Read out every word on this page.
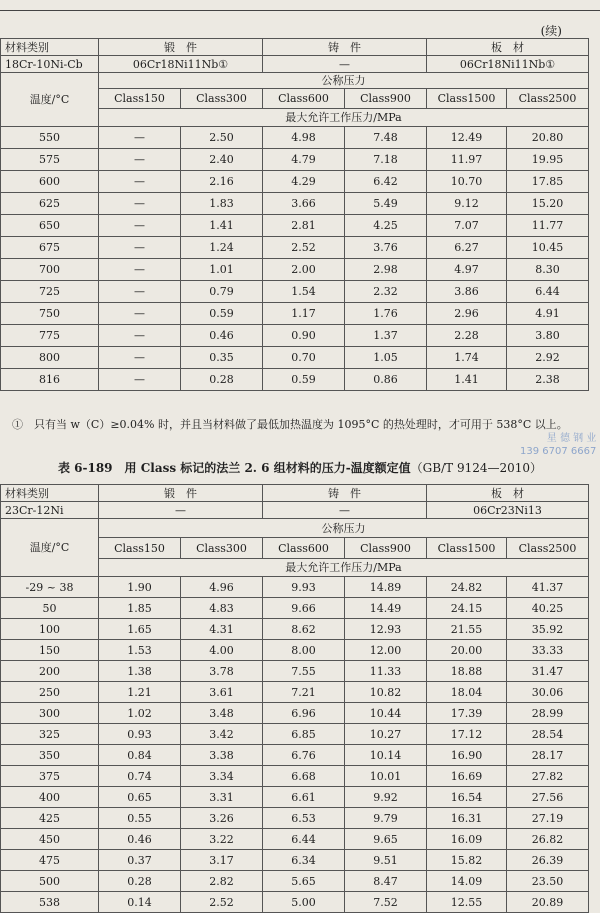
(续)
材料类别	锻　件		铸　件		板　材	
18Cr-10Ni-Cb	06Cr18Ni11Nb①		—		06Cr18Ni11Nb①	
温度/°C	公称压力					
	Class150	Class300	Class600	Class900	Class1500	Class2500
	最大允许工作压力/MPa					
550	—	2.50	4.98	7.48	12.49	20.80
575	—	2.40	4.79	7.18	11.97	19.95
600	—	2.16	4.29	6.42	10.70	17.85
625	—	1.83	3.66	5.49	9.12	15.20
650	—	1.41	2.81	4.25	7.07	11.77
675	—	1.24	2.52	3.76	6.27	10.45
700	—	1.01	2.00	2.98	4.97	8.30
725	—	0.79	1.54	2.32	3.86	6.44
750	—	0.59	1.17	1.76	2.96	4.91
775	—	0.46	0.90	1.37	2.28	3.80
800	—	0.35	0.70	1.05	1.74	2.92
816	—	0.28	0.59	0.86	1.41	2.38
①　只有当 w（C）≥0.04% 时，并且当材料做了最低加热温度为 1095°C 的热处理时，才可用于 538°C 以上。
星 德 钢 业
139 6707 6667
表 6-189　用 Class 标记的法兰 2. 6 组材料的压力-温度额定值（GB/T 9124—2010）
材料类别	锻　件		铸　件		板　材	
23Cr-12Ni	—		—		06Cr23Ni13	
温度/°C	公称压力					
	Class150	Class300	Class600	Class900	Class1500	Class2500
	最大允许工作压力/MPa					
-29 ~ 38	1.90	4.96	9.93	14.89	24.82	41.37
50	1.85	4.83	9.66	14.49	24.15	40.25
100	1.65	4.31	8.62	12.93	21.55	35.92
150	1.53	4.00	8.00	12.00	20.00	33.33
200	1.38	3.78	7.55	11.33	18.88	31.47
250	1.21	3.61	7.21	10.82	18.04	30.06
300	1.02	3.48	6.96	10.44	17.39	28.99
325	0.93	3.42	6.85	10.27	17.12	28.54
350	0.84	3.38	6.76	10.14	16.90	28.17
375	0.74	3.34	6.68	10.01	16.69	27.82
400	0.65	3.31	6.61	9.92	16.54	27.56
425	0.55	3.26	6.53	9.79	16.31	27.19
450	0.46	3.22	6.44	9.65	16.09	26.82
475	0.37	3.17	6.34	9.51	15.82	26.39
500	0.28	2.82	5.65	8.47	14.09	23.50
538	0.14	2.52	5.00	7.52	12.55	20.89
